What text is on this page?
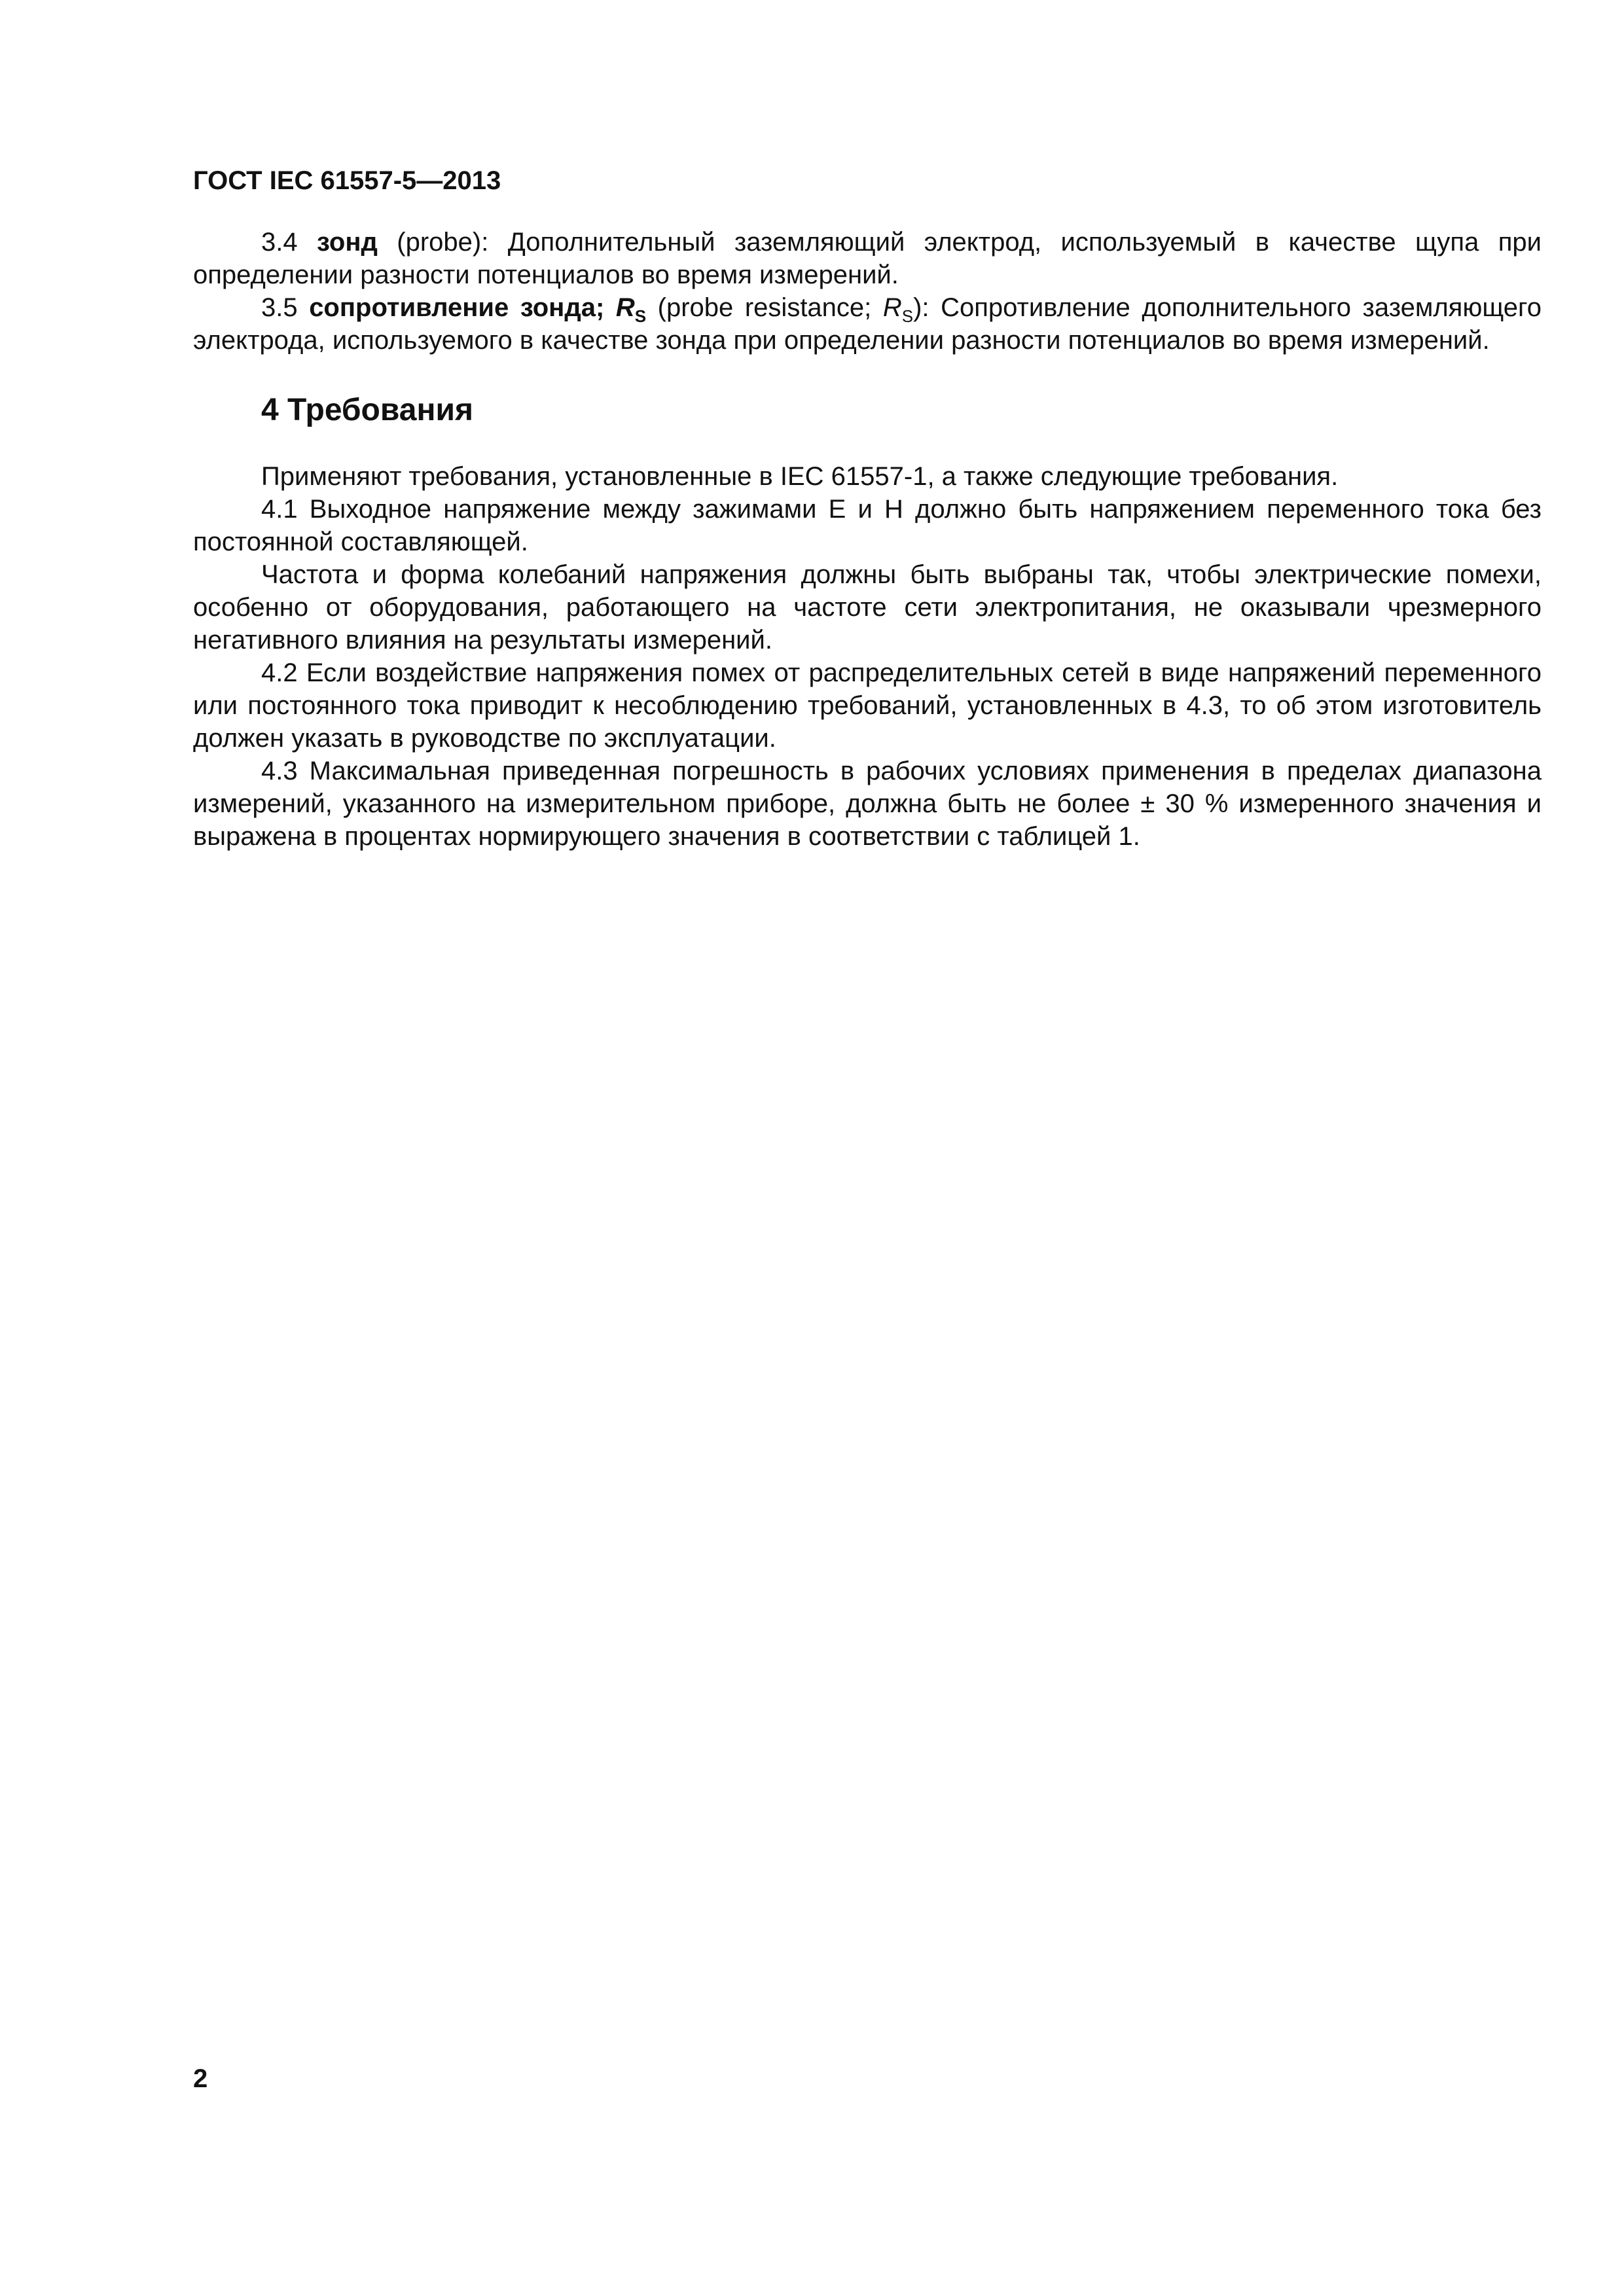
ГОСТ IEC 61557-5—2013

3.4 зонд (probe): Дополнительный заземляющий электрод, используемый в качестве щупа при определении разности потенциалов во время измерений.

3.5 сопротивление зонда; $R_S$ (probe resistance; $R_S$): Сопротивление дополнительного заземляющего электрода, используемого в качестве зонда при определении разности потенциалов во время измерений.

4 Требования

Применяют требования, установленные в IEC 61557-1, а также следующие требования.

4.1 Выходное напряжение между зажимами E и H должно быть напряжением переменного тока без постоянной составляющей.

Частота и форма колебаний напряжения должны быть выбраны так, чтобы электрические помехи, особенно от оборудования, работающего на частоте сети электропитания, не оказывали чрезмерного негативного влияния на результаты измерений.

4.2 Если воздействие напряжения помех от распределительных сетей в виде напряжений переменного или постоянного тока приводит к несоблюдению требований, установленных в 4.3, то об этом изготовитель должен указать в руководстве по эксплуатации.

4.3 Максимальная приведенная погрешность в рабочих условиях применения в пределах диапазона измерений, указанного на измерительном приборе, должна быть не более ± 30 % измеренного значения и выражена в процентах нормирующего значения в соответствии с таблицей 1.

2
